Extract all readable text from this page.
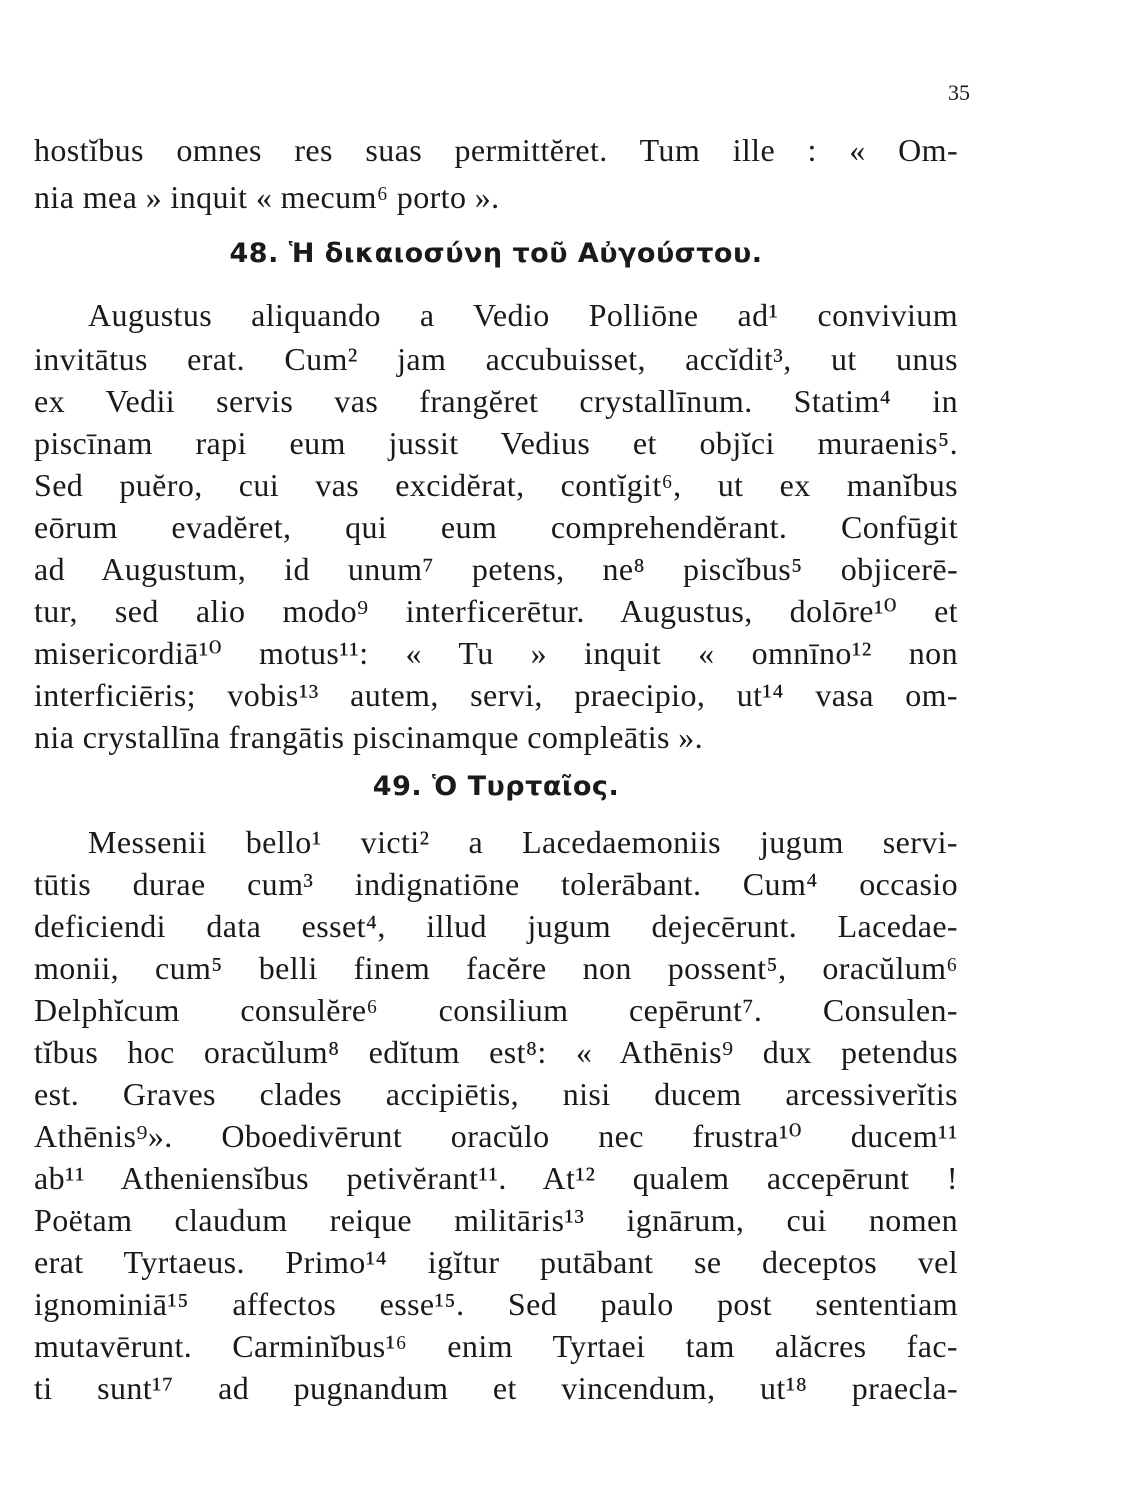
35
hostĭbus omnes res suas permittĕret. Tum ille : « Om-
nia mea » inquit « mecum⁶ porto ».
48. Ἡ δικαιοσύνη τοῦ Αὐγούστου.
Augustus aliquando a Vedio Polliōne ad¹ convivium
invitātus erat. Cum² jam accubuisset, accĭdit³, ut unus
ex Vedii servis vas frangĕret crystallīnum. Statim⁴ in
piscīnam rapi eum jussit Vedius et objĭci muraenis⁵.
Sed puĕro, cui vas excidĕrat, contĭgit⁶, ut ex manĭbus
eōrum evadĕret, qui eum comprehendĕrant. Confūgit
ad Augustum, id unum⁷ petens, ne⁸ piscĭbus⁵ objicerē-
tur, sed alio modo⁹ interficerētur. Augustus, dolōre¹⁰ et
misericordiā¹⁰ motus¹¹: « Tu » inquit « omnīno¹² non
interficiēris; vobis¹³ autem, servi, praecipio, ut¹⁴ vasa om-
nia crystallīna frangātis piscinamque compleātis ».
49. Ὁ Τυρταῖος.
Messenii bello¹ victi² a Lacedaemoniis jugum servi-
tūtis durae cum³ indignatiōne tolerābant. Cum⁴ occasio
deficiendi data esset⁴, illud jugum dejecērunt. Lacedae-
monii, cum⁵ belli finem facĕre non possent⁵, oracŭlum⁶
Delphĭcum consulĕre⁶ consilium cepērunt⁷. Consulen-
tĭbus hoc oracŭlum⁸ edĭtum est⁸: « Athēnis⁹ dux petendus
est. Graves clades accipiētis, nisi ducem arcessiverĭtis
Athēnis⁹». Oboedivērunt oracŭlo nec frustra¹⁰ ducem¹¹
ab¹¹ Atheniensĭbus petivĕrant¹¹. At¹² qualem accepērunt !
Poëtam claudum reique militāris¹³ ignārum, cui nomen
erat Tyrtaeus. Primo¹⁴ igĭtur putābant se deceptos vel
ignominiā¹⁵ affectos esse¹⁵. Sed paulo post sententiam
mutavērunt. Carminĭbus¹⁶ enim Tyrtaei tam alăcres fac-
ti sunt¹⁷ ad pugnandum et vincendum, ut¹⁸ praecla-
